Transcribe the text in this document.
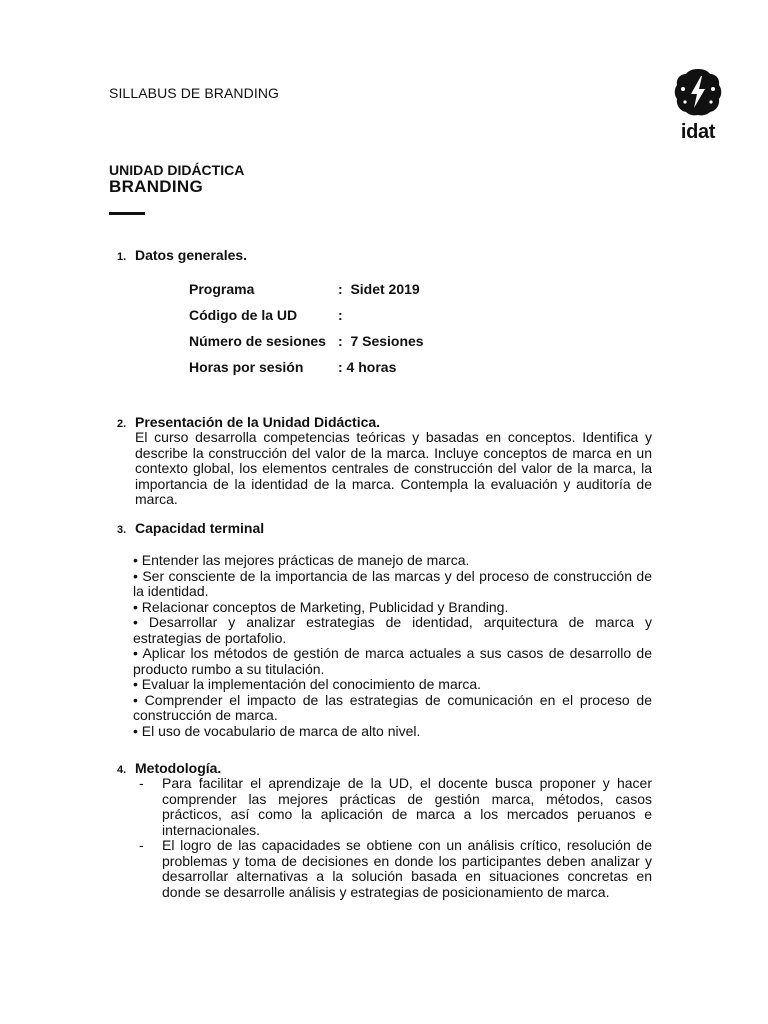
SILLABUS DE BRANDING
idat
UNIDAD DIDÁCTICA
BRANDING
1. Datos generales.
Programa	:  Sidet 2019
Código de la UD	:
Número de sesiones :  7 Sesiones
Horas por sesión	: 4 horas
2. Presentación de la Unidad Didáctica.
El curso desarrolla competencias teóricas y basadas en conceptos. Identifica y describe la construcción del valor de la marca. Incluye conceptos de marca en un contexto global, los elementos centrales de construcción del valor de la marca, la importancia de la identidad de la marca. Contempla la evaluación y auditoría de marca.
3. Capacidad terminal
• Entender las mejores prácticas de manejo de marca.
• Ser consciente de la importancia de las marcas y del proceso de construcción de la identidad.
• Relacionar conceptos de Marketing, Publicidad y Branding.
• Desarrollar y analizar estrategias de identidad, arquitectura de marca y estrategias de portafolio.
• Aplicar los métodos de gestión de marca actuales a sus casos de desarrollo de producto rumbo a su titulación.
• Evaluar la implementación del conocimiento de marca.
• Comprender el impacto de las estrategias de comunicación en el proceso de construcción de marca.
• El uso de vocabulario de marca de alto nivel.
4. Metodología.
-	Para facilitar el aprendizaje de la UD, el docente busca proponer y hacer comprender las mejores prácticas de gestión marca, métodos, casos prácticos, así como la aplicación de marca a los mercados peruanos e internacionales.
-	El logro de las capacidades se obtiene con un análisis crítico, resolución de problemas y toma de decisiones en donde los participantes deben analizar y desarrollar alternativas a la solución basada en situaciones concretas en donde se desarrolle análisis y estrategias de posicionamiento de marca.
